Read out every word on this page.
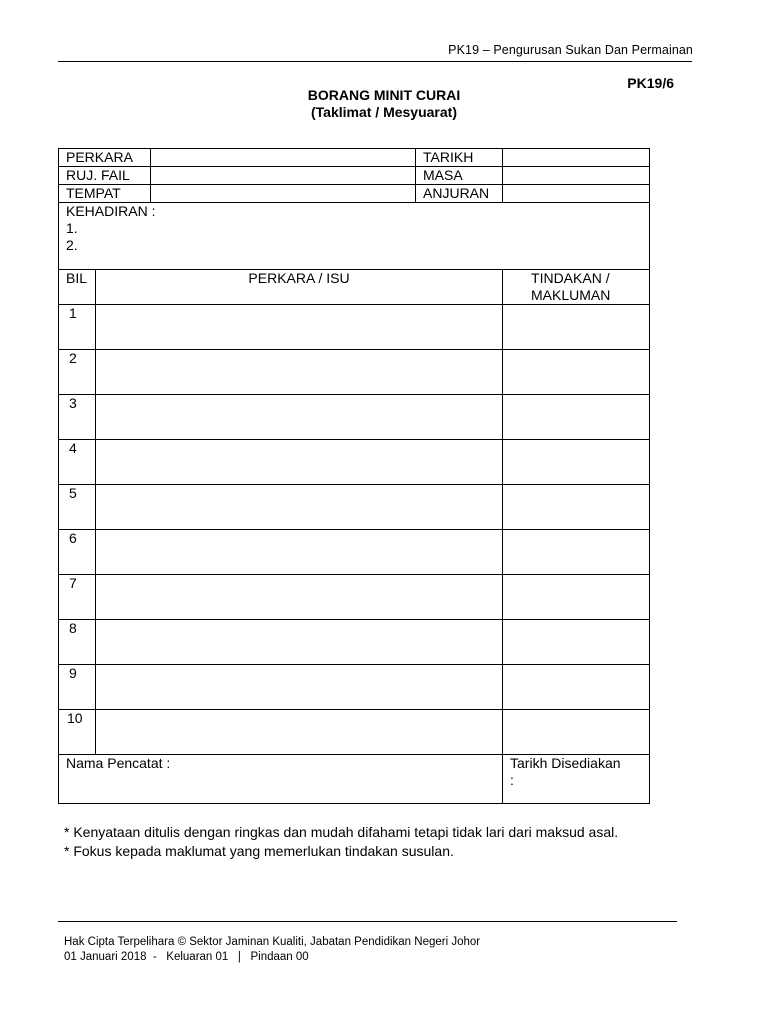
PK19 – Pengurusan Sukan Dan Permainan
PK19/6
BORANG MINIT CURAI
(Taklimat / Mesyuarat)
PERKARA			TARIKH	
RUJ. FAIL			MASA	
TEMPAT			ANJURAN	

KEHADIRAN :
1.
2.				

BIL	PERKARA / ISU			TINDAKAN /
MAKLUMAN

1				
2				
3				
4				
5				
6				
7				
8				
9				
10				

Nama Pencatat :				Tarikh Disediakan
:
* Kenyataan ditulis dengan ringkas dan mudah difahami tetapi tidak lari dari maksud asal.
* Fokus kepada maklumat yang memerlukan tindakan susulan.
Hak Cipta Terpelihara © Sektor Jaminan Kualiti, Jabatan Pendidikan Negeri Johor
01 Januari 2018  -   Keluaran 01   |   Pindaan 00
